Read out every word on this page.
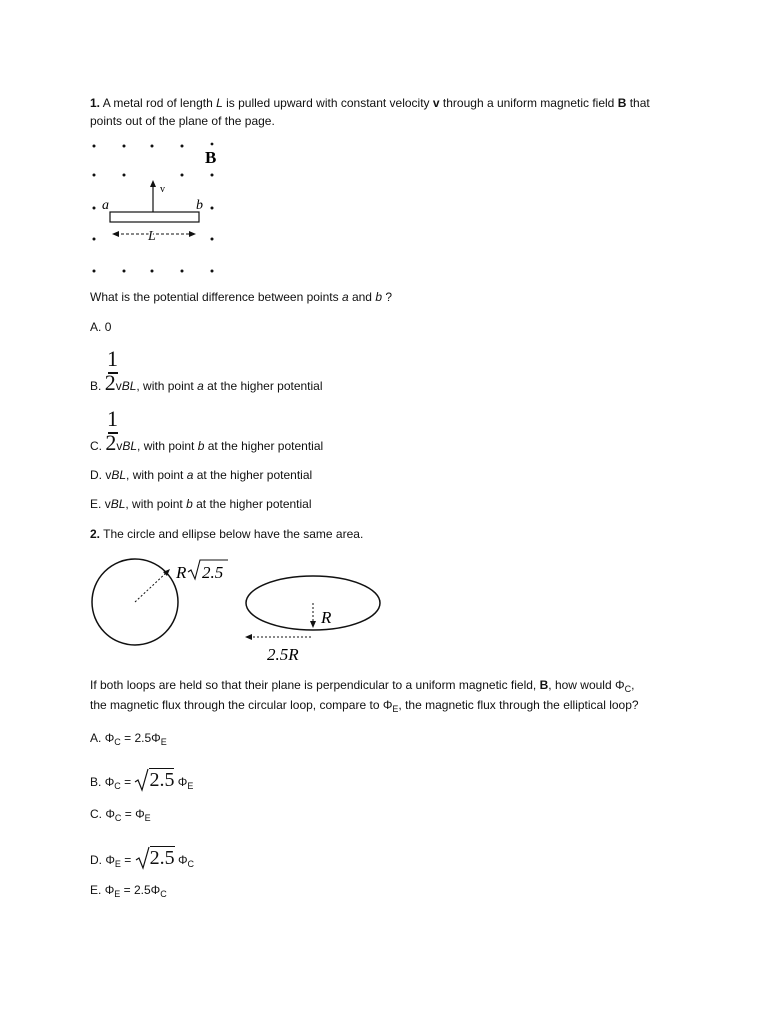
1. A metal rod of length L is pulled upward with constant velocity v through a uniform magnetic field B that
points out of the plane of the page.
B
v
a	b
L
What is the potential difference between points a and b ?
A. 0
1
B. 2vBL, with point a at the higher potential
1
C. 2vBL, with point b at the higher potential
D. vBL, with point a at the higher potential
E. vBL, with point b at the higher potential
2. The circle and ellipse below have the same area.
R 2.5
R
2.5R
If both loops are held so that their plane is perpendicular to a uniform magnetic field, B, how would $\Phi_C$,
the magnetic flux through the circular loop, compare to $\Phi_E$, the magnetic flux through the elliptical loop?
A. $\Phi_C = 2.5\Phi_E$
B. $\Phi_C = 2.5$ $\Phi_E$
C. $\Phi_C = \Phi_E$
D. $\Phi_E = 2.5$ $\Phi_C$
E. $\Phi_E = 2.5\Phi_C$
